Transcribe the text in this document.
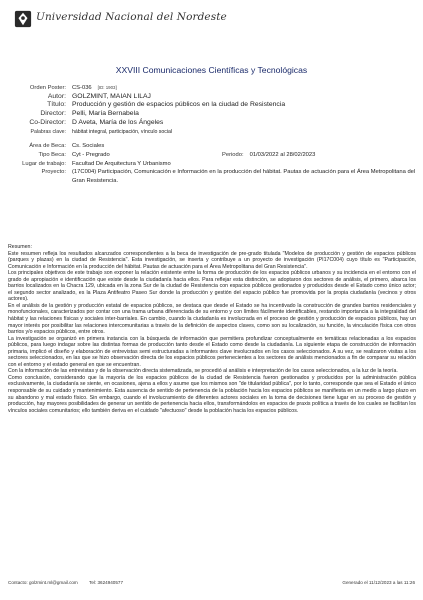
Universidad Nacional del Nordeste
XXVIII Comunicaciones Científicas y Tecnológicas
Orden Poster:	CS-036 [ID: 1903]
Autor: GOLZMINT, MAIAN LILAJ
Título: Producción y gestión de espacios públicos en la ciudad de Resistencia
Director: Pelli, María Bernabela
Co-Director: D Aveta, María de los Ángeles
Palabras clave:	hábitat integral, participación, vínculo social
Área de Beca:	Cs. Sociales
Tipo Beca:	Cyt - Pregrado	Periodo: 01/03/2022 al 28/02/2023
Lugar de trabajo:	Facultad De Arquitectura Y Urbanismo
Proyecto:	(17C004) Participación, Comunicación e Información en la producción del hábitat. Pautas de actuación para el Área Metropolitana del Gran Resistencia.

Resumen:

Este resumen refleja los resultados alcanzados correspondientes a la beca de investigación de pre-grado titulada "Modelos de producción y gestión de espacios públicos (parques y plazas) en la ciudad de Resistencia". Esta investigación, se inserta y contribuye a un proyecto de investigación (PI17C004) cuyo título es "Participación, Comunicación e Información en la producción del hábitat. Pautas de actuación para el Área Metropolitana del Gran Resistencia".

Los principales objetivos de este trabajo son exponer la relación existente entre la forma de producción de los espacios públicos urbanos y su incidencia en el entorno con el grado de apropiación e identificación que existe desde la ciudadanía hacia ellos. Para reflejar esta distinción, se adoptaron dos sectores de análisis, el primero, abarca los barrios localizados en la Chacra 129, ubicada en la zona Sur de la ciudad de Resistencia con espacios públicos gestionados y producidos desde el Estado como único actor; el segundo sector analizado, es la Plaza Antifeatro Paseo Sur donde la producción y gestión del espacio público fue promovida por la propia ciudadanía (vecinos y otros actores).

En el análisis de la gestión y producción estatal de espacios públicos, se destaca que desde el Estado se ha incentivado la construcción de grandes barrios residenciales y monofuncionales, caracterizados por contar con una trama urbana diferenciada de su entorno y con límites fácilmente identificables, restando importancia a la integralidad del hábitat y las relaciones físicas y sociales inter-barriales. En cambio, cuando la ciudadanía es involucrada en el proceso de gestión y producción de espacios públicos, hay un mayor interés por posibilitar las relaciones intercomunitarias a través de la definición de aspectos claves, como son su localización, su función, la vinculación física con otros barrios y/o espacios públicos, entre otros.

La investigación se organizó en primera instancia con la búsqueda de información que permitiera profundizar conceptualmente en temáticas relacionadas a los espacios públicos, para luego indagar sobre las distintas formas de producción tanto desde el Estado como desde la ciudadanía. La siguiente etapa de construcción de información primaria, implicó el diseño y elaboración de entrevistas semi estructuradas a informantes clave involucrados en los casos seleccionados. A su vez, se realizaron visitas a los sectores seleccionados, en las que se hizo observación directa de los espacios públicos pertenecientes a los sectores de análisis mencionados a fin de comparar su relación con el entorno y el estado general en que se encuentran.

Con la información de las entrevistas y de la observación directa sistematizada, se procedió al análisis e interpretación de los casos seleccionados, a la luz de la teoría.

Como conclusión, considerando que la mayoría de los espacios públicos de la ciudad de Resistencia fueron gestionados y producidos por la administración pública exclusivamente, la ciudadanía se siente, en ocasiones, ajena a ellos y asume que los mismos son "de titularidad pública", por lo tanto, corresponde que sea el Estado el único responsable de su cuidado y mantenimiento. Esta ausencia de sentido de pertenencia de la población hacia los espacios públicos se manifiesta en un medio a largo plazo en su abandono y mal estado físico. Sin embargo, cuando el involucramiento de diferentes actores sociales en la toma de decisiones tiene lugar en su proceso de gestión y producción, hay mayores posibilidades de generar un sentido de pertenencia hacia ellos, transformándolos en espacios de praxis política a través de los cuales se facilitan los vínculos sociales comunitarios; ello también deriva en el cuidado "afectuoso" desde la población hacia los espacios públicos.

Contacto: golzmint.ml@gmail.com Tel: 3624940577	Generado el 11/12/2023 a las 11:26
